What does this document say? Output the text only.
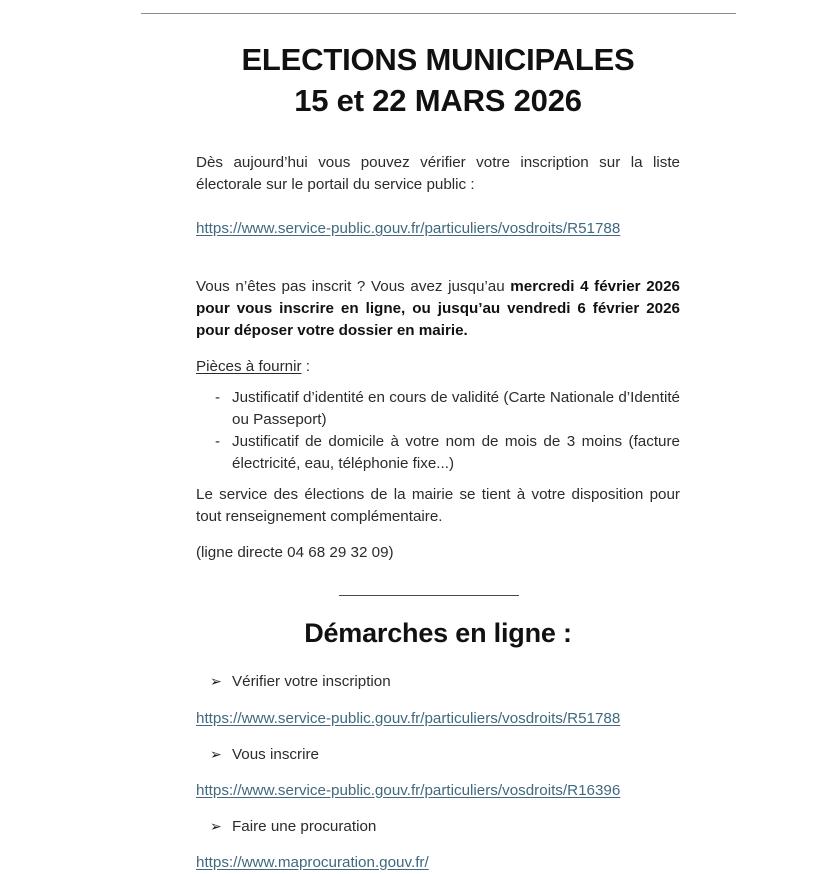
ELECTIONS MUNICIPALES
15 et 22 MARS 2026

Dès aujourd’hui vous pouvez vérifier votre inscription sur la liste électorale sur le portail du service public :

https://www.service-public.gouv.fr/particuliers/vosdroits/R51788

Vous n’êtes pas inscrit ? Vous avez jusqu’au mercredi 4 février 2026 pour vous inscrire en ligne, ou jusqu’au vendredi 6 février 2026 pour déposer votre dossier en mairie.

Pièces à fournir :

- Justificatif d’identité en cours de validité (Carte Nationale d’Identité ou Passeport)
- Justificatif de domicile à votre nom de mois de 3 moins (facture électricité, eau, téléphonie fixe...)

Le service des élections de la mairie se tient à votre disposition pour tout renseignement complémentaire.

(ligne directe 04 68 29 32 09)

Démarches en ligne :
➢ Vérifier votre inscription
https://www.service-public.gouv.fr/particuliers/vosdroits/R51788
➢ Vous inscrire
https://www.service-public.gouv.fr/particuliers/vosdroits/R16396
➢ Faire une procuration
https://www.maprocuration.gouv.fr/
